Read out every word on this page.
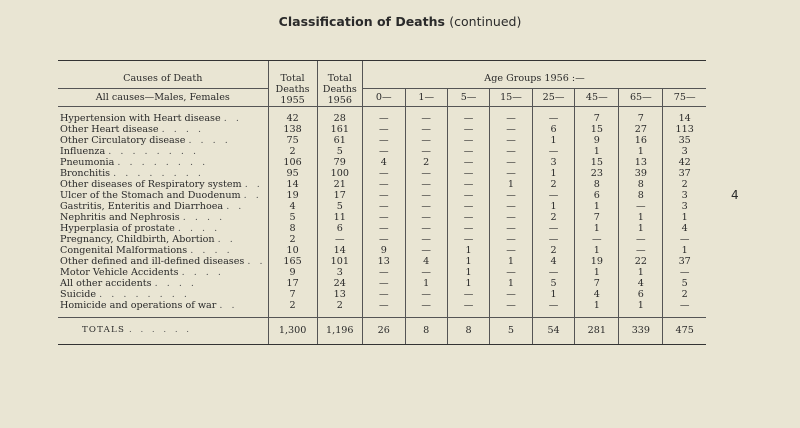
Classification of Deaths (continued)

Causes of Death	Total Deaths
1955	Total Deaths
1956	Age Groups 1956 :—							
All causes—Males, Females			0—	1—	5—	15—	25—	45—	65—	75—

Hypertension with Heart disease . .	42	28	—	—	—	—	—	7	7	14
Other Heart disease . . . .	138	161	—	—	—	—	6	15	27	113
Other Circulatory disease . . . .	75	61	—	—	—	—	1	9	16	35
Influenza . . . . . . . .	2	5	—	—	—	—	—	1	1	3
Pneumonia . . . . . . . .	106	79	4	2	—	—	3	15	13	42
Bronchitis . . . . . . . .	95	100	—	—	—	—	1	23	39	37
Other diseases of Respiratory system . .	14	21	—	—	—	1	2	8	8	2
Ulcer of the Stomach and Duodenum . .	19	17	—	—	—	—	—	6	8	3
Gastritis, Enteritis and Diarrhoea . .	4	5	—	—	—	—	1	1	—	3
Nephritis and Nephrosis . . . .	5	11	—	—	—	—	2	7	1	1
Hyperplasia of prostate . . . .	8	6	—	—	—	—	—	1	1	4
Pregnancy, Childbirth, Abortion . .	2	—	—	—	—	—	—	—	—	—
Congenital Malformations . . . .	10	14	9	—	1	—	2	1	—	1
Other defined and ill-defined diseases . .	165	101	13	4	1	1	4	19	22	37
Motor Vehicle Accidents . . . .	9	3	—	—	1	—	—	1	1	—
All other accidents . . . .	17	24	—	1	1	1	5	7	4	5
Suicide . . . . . . . .	7	13	—	—	—	—	1	4	6	2
Homicide and operations of war . .	2	2	—	—	—	—	—	1	1	—
TOTALS . . . . . .	1,300	1,196	26	8	8	5	54	281	339	475
4
